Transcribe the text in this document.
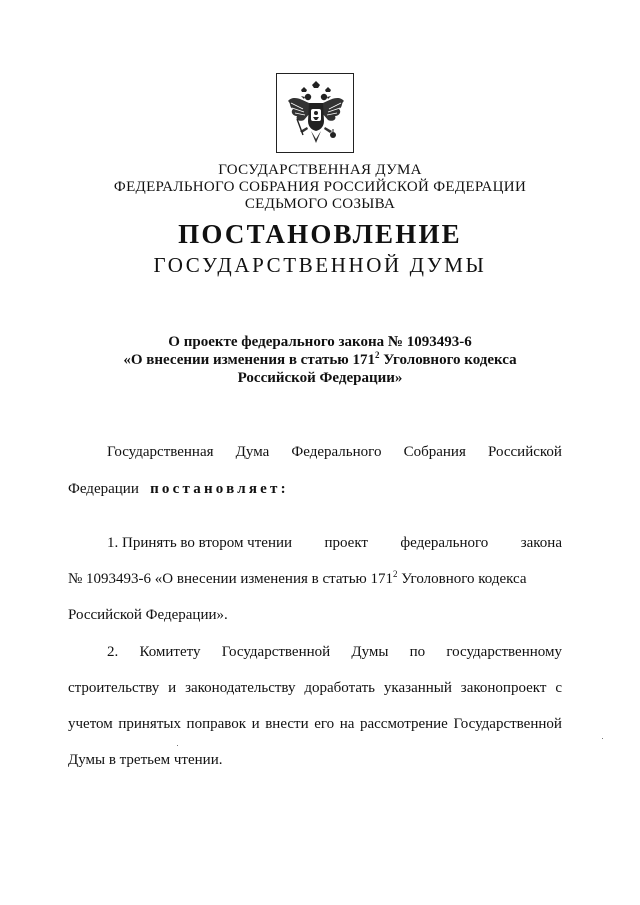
ГОСУДАРСТВЕННАЯ ДУМА
ФЕДЕРАЛЬНОГО СОБРАНИЯ РОССИЙСКОЙ ФЕДЕРАЦИИ
СЕДЬМОГО СОЗЫВА
ПОСТАНОВЛЕНИЕ
ГОСУДАРСТВЕННОЙ ДУМЫ
О проекте федерального закона № 1093493-6
«О внесении изменения в статью $171^2$ Уголовного кодекса
Российской Федерации»
Государственная Дума Федерального Собрания Российской
Федерации постановляет:
1. Принять во втором чтении проект федерального закона
№ 1093493-6 «О внесении изменения в статью $171^2$ Уголовного кодекса
Российской Федерации».
2. Комитету Государственной Думы по государственному
строительству и законодательству доработать указанный законопроект с
учетом принятых поправок и внести его на рассмотрение Государственной
Думы в третьем чтении.
